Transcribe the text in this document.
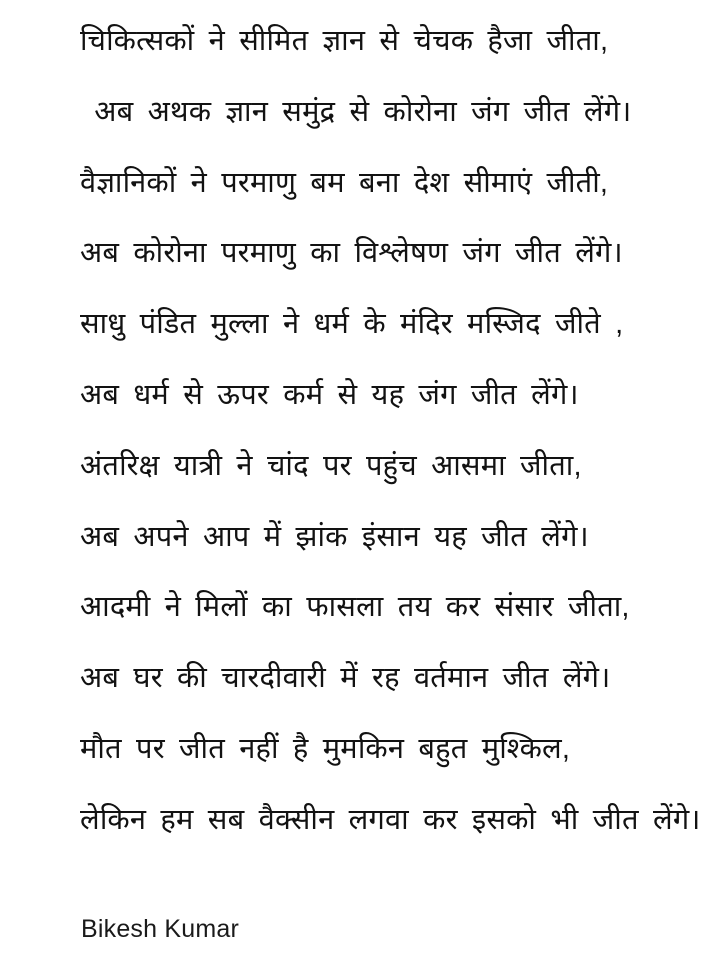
चिकित्सकों ने सीमित ज्ञान से चेचक हैजा जीता,

अब अथक ज्ञान समुंद्र से कोरोना जंग जीत लेंगे।

वैज्ञानिकों ने परमाणु बम बना देश सीमाएं जीती,

अब कोरोना परमाणु का विश्लेषण जंग जीत लेंगे।

साधु पंडित मुल्ला ने धर्म के मंदिर मस्जिद जीते ,

अब धर्म से ऊपर कर्म से यह जंग जीत लेंगे।

अंतरिक्ष यात्री ने चांद पर पहुंच आसमा जीता,

अब अपने आप में झांक इंसान यह जीत लेंगे।

आदमी ने मिलों का फासला तय कर संसार जीता,

अब घर की चारदीवारी में रह वर्तमान जीत लेंगे।

मौत पर जीत नहीं है मुमकिन बहुत मुश्किल,

लेकिन हम सब वैक्सीन लगवा कर इसको भी जीत लेंगे।

Bikesh Kumar
